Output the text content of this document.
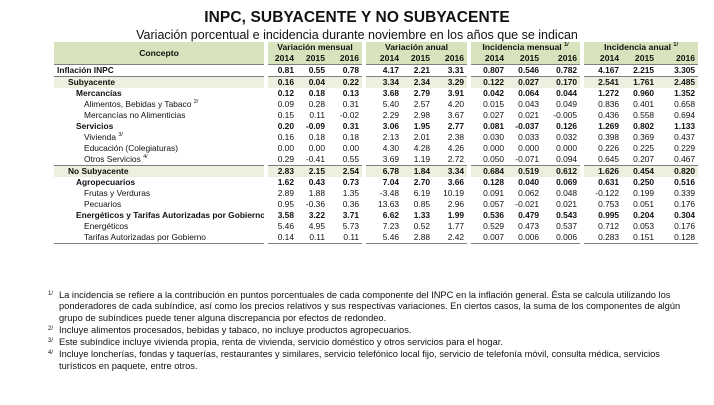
INPC, SUBYACENTE Y NO SUBYACENTE
Variación porcentual e incidencia durante noviembre en los años que se indican
Concepto	Variación mensual			Variación anual			Incidencia mensual $^{1/}$			Incidencia anual $^{1/}$
	2014	2015	2016	2014	2015	2016	2014	2015	2016	2014	2015	2016
Inflación INPC	0.81	0.55	0.78	4.17	2.21	3.31	0.807	0.546	0.782	4.167	2.215	3.305
Subyacente	0.16	0.04	0.22	3.34	2.34	3.29	0.122	0.027	0.170	2.541	1.761	2.485
Mercancías	0.12	0.18	0.13	3.68	2.79	3.91	0.042	0.064	0.044	1.272	0.960	1.352
Alimentos, Bebidas y Tabaco $^{2/}$	0.09	0.28	0.31	5.40	2.57	4.20	0.015	0.043	0.049	0.836	0.401	0.658
Mercancías no Alimenticias	0.15	0.11	-0.02	2.29	2.98	3.67	0.027	0.021	-0.005	0.436	0.558	0.694
Servicios	0.20	-0.09	0.31	3.06	1.95	2.77	0.081	-0.037	0.126	1.269	0.802	1.133
Vivienda $^{3/}$	0.16	0.18	0.18	2.13	2.01	2.38	0.030	0.033	0.032	0.398	0.369	0.437
Educación (Colegiaturas)	0.00	0.00	0.00	4.30	4.28	4.26	0.000	0.000	0.000	0.226	0.225	0.229
Otros Servicios $^{4/}$	0.29	-0.41	0.55	3.69	1.19	2.72	0.050	-0.071	0.094	0.645	0.207	0.467
No Subyacente	2.83	2.15	2.54	6.78	1.84	3.34	0.684	0.519	0.612	1.626	0.454	0.820
Agropecuarios	1.62	0.43	0.73	7.04	2.70	3.66	0.128	0.040	0.069	0.631	0.250	0.516
Frutas y Verduras	2.89	1.88	1.35	-3.48	6.19	10.19	0.091	0.062	0.048	-0.122	0.199	0.339
Pecuarios	0.95	-0.36	0.36	13.63	0.85	2.96	0.057	-0.021	0.021	0.753	0.051	0.176
Energéticos y Tarifas Autorizadas por Gobierno	3.58	3.22	3.71	6.62	1.33	1.99	0.536	0.479	0.543	0.995	0.204	0.304
Energéticos	5.46	4.95	5.73	7.23	0.52	1.77	0.529	0.473	0.537	0.712	0.053	0.176
Tarifas Autorizadas por Gobierno	0.14	0.11	0.11	5.46	2.88	2.42	0.007	0.006	0.006	0.283	0.151	0.128
1/ La incidencia se refiere a la contribución en puntos porcentuales de cada componente del INPC en la inflación general. Ésta se calcula utilizando los ponderadores de cada subíndice, así como los precios relativos y sus respectivas variaciones. En ciertos casos, la suma de los componentes de algún grupo de subíndices puede tener alguna discrepancia por efectos de redondeo.
2/ Incluye alimentos procesados, bebidas y tabaco, no incluye productos agropecuarios.
3/ Este subíndice incluye vivienda propia, renta de vivienda, servicio doméstico y otros servicios para el hogar.
4/ Incluye loncherías, fondas y taquerías, restaurantes y similares, servicio telefónico local fijo, servicio de telefonía móvil, consulta médica, servicios turísticos en paquete, entre otros.
